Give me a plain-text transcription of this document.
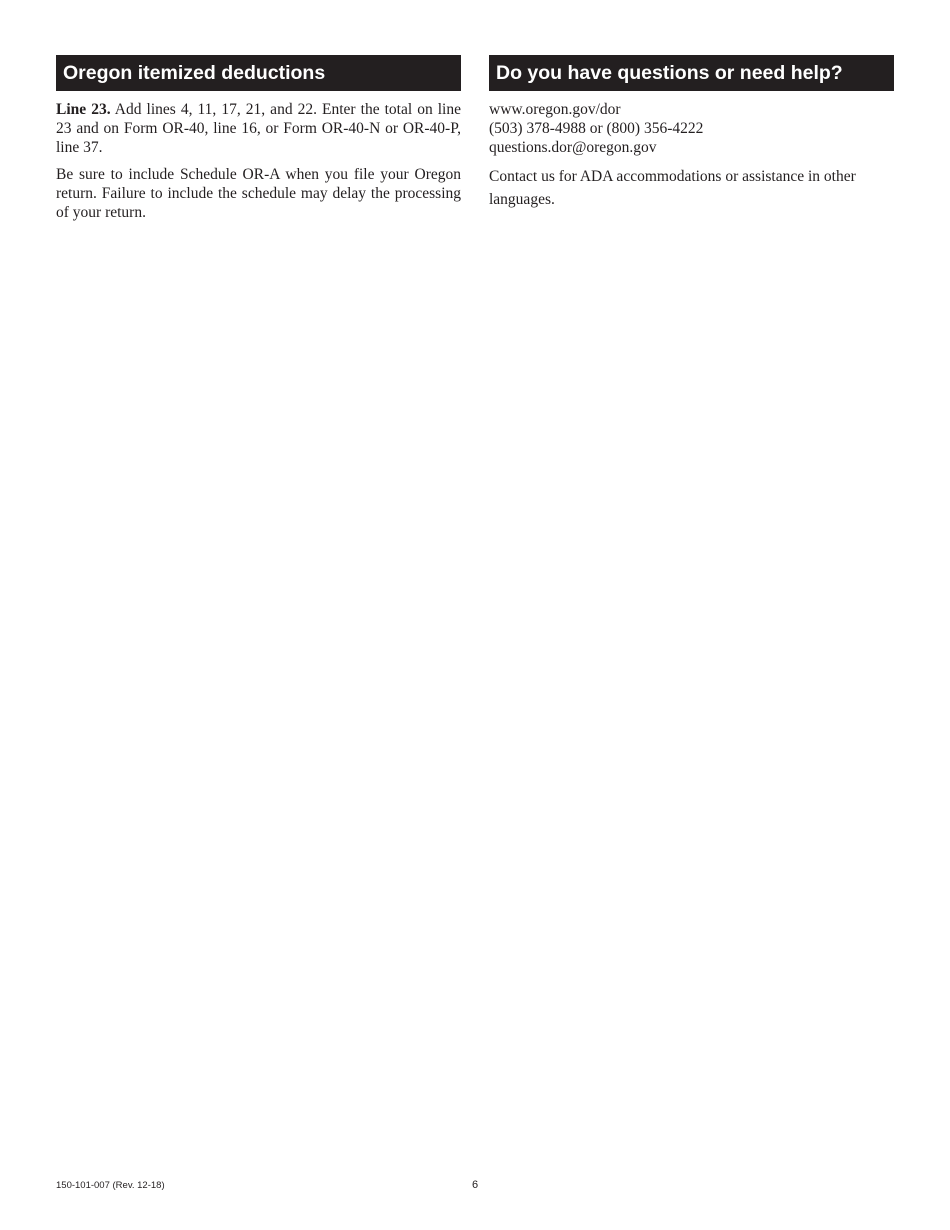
Oregon itemized deductions

Line 23. Add lines 4, 11, 17, 21, and 22. Enter the total on line 23 and on Form OR-40, line 16, or Form OR-40-N or OR-40-P, line 37.

Be sure to include Schedule OR-A when you file your Oregon return. Failure to include the schedule may delay the processing of your return.

Do you have questions or need help?
www.oregon.gov/dor
(503) 378-4988 or (800) 356-4222
questions.dor@oregon.gov

Contact us for ADA accommodations or assistance in other languages.

150-101-007 (Rev. 12-18)	6
